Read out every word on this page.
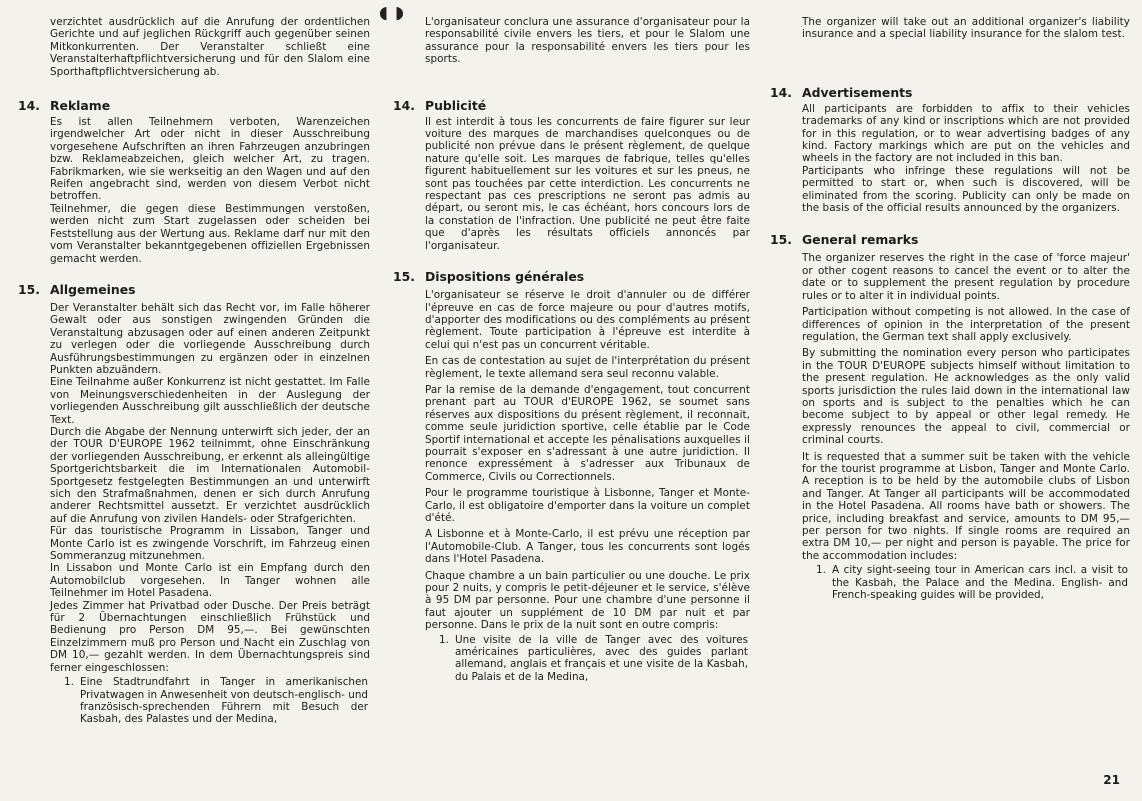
◖ ◗
verzichtet ausdrücklich auf die Anrufung der ordentlichen Gerichte und auf jeglichen Rückgriff auch gegenüber seinen Mitkonkurrenten. Der Veranstalter schließt eine Veranstalterhaftpflichtversicherung und für den Slalom eine Sporthaftpflichtversicherung ab.
14. Reklame
Es ist allen Teilnehmern verboten, Warenzeichen irgendwelcher Art oder nicht in dieser Ausschreibung vorgesehene Aufschriften an ihren Fahrzeugen anzubringen bzw. Reklameabzeichen, gleich welcher Art, zu tragen. Fabrikmarken, wie sie werkseitig an den Wagen und auf den Reifen angebracht sind, werden von diesem Verbot nicht betroffen.
Teilnehmer, die gegen diese Bestimmungen verstoßen, werden nicht zum Start zugelassen oder scheiden bei Feststellung aus der Wertung aus. Reklame darf nur mit den vom Veranstalter bekanntgegebenen offiziellen Ergebnissen gemacht werden.
15. Allgemeines
Der Veranstalter behält sich das Recht vor, im Falle höherer Gewalt oder aus sonstigen zwingenden Gründen die Veranstaltung abzusagen oder auf einen anderen Zeitpunkt zu verlegen oder die vorliegende Ausschreibung durch Ausführungsbestimmungen zu ergänzen oder in einzelnen Punkten abzuändern.
Eine Teilnahme außer Konkurrenz ist nicht gestattet. Im Falle von Meinungsverschiedenheiten in der Auslegung der vorliegenden Ausschreibung gilt ausschließlich der deutsche Text.
Durch die Abgabe der Nennung unterwirft sich jeder, der an der TOUR D'EUROPE 1962 teilnimmt, ohne Einschränkung der vorliegenden Ausschreibung, er erkennt als alleingültige Sportgerichtsbarkeit die im Internationalen Automobil-Sportgesetz festgelegten Bestimmungen an und unterwirft sich den Strafmaßnahmen, denen er sich durch Anrufung anderer Rechtsmittel aussetzt. Er verzichtet ausdrücklich auf die Anrufung von zivilen Handels- oder Strafgerichten.
Für das touristische Programm in Lissabon, Tanger und Monte Carlo ist es zwingende Vorschrift, im Fahrzeug einen Sommeranzug mitzunehmen.
In Lissabon und Monte Carlo ist ein Empfang durch den Automobilclub vorgesehen. In Tanger wohnen alle Teilnehmer im Hotel Pasadena.
Jedes Zimmer hat Privatbad oder Dusche. Der Preis beträgt für 2 Übernachtungen einschließlich Frühstück und Bedienung pro Person DM 95,—. Bei gewünschten Einzelzimmern muß pro Person und Nacht ein Zuschlag von DM 10,— gezahlt werden. In dem Übernachtungspreis sind ferner eingeschlossen:
1. Eine Stadtrundfahrt in Tanger in amerikanischen Privatwagen in Anwesenheit von deutsch-englisch- und französisch-sprechenden Führern mit Besuch der Kasbah, des Palastes und der Medina,
L'organisateur conclura une assurance d'organisateur pour la responsabilité civile envers les tiers, et pour le Slalom une assurance pour la responsabilité envers les tiers pour les sports.
14. Publicité
Il est interdit à tous les concurrents de faire figurer sur leur voiture des marques de marchandises quelconques ou de publicité non prévue dans le présent règlement, de quelque nature qu'elle soit. Les marques de fabrique, telles qu'elles figurent habituellement sur les voitures et sur les pneus, ne sont pas touchées par cette interdiction. Les concurrents ne respectant pas ces prescriptions ne seront pas admis au départ, ou seront mis, le cas échéant, hors concours lors de la constation de l'infraction. Une publicité ne peut être faite que d'après les résultats officiels annoncés par l'organisateur.
15. Dispositions générales
L'organisateur se réserve le droit d'annuler ou de différer l'épreuve en cas de force majeure ou pour d'autres motifs, d'apporter des modifications ou des compléments au présent règlement. Toute participation à l'épreuve est interdite à celui qui n'est pas un concurrent véritable.
En cas de contestation au sujet de l'interprétation du présent règlement, le texte allemand sera seul reconnu valable.
Par la remise de la demande d'engagement, tout concurrent prenant part au TOUR d'EUROPE 1962, se soumet sans réserves aux dispositions du présent règlement, il reconnait, comme seule juridiction sportive, celle établie par le Code Sportif international et accepte les pénalisations auxquelles il pourrait s'exposer en s'adressant à une autre juridiction. Il renonce expressément à s'adresser aux Tribunaux de Commerce, Civils ou Correctionnels.
Pour le programme touristique à Lisbonne, Tanger et Monte-Carlo, il est obligatoire d'emporter dans la voiture un complet d'été.
A Lisbonne et à Monte-Carlo, il est prévu une réception par l'Automobile-Club. A Tanger, tous les concurrents sont logés dans l'Hotel Pasadena.
Chaque chambre a un bain particulier ou une douche. Le prix pour 2 nuits, y compris le petit-déjeuner et le service, s'élève à 95 DM par personne. Pour une chambre d'une personne il faut ajouter un supplément de 10 DM par nuit et par personne. Dans le prix de la nuit sont en outre compris:
1. Une visite de la ville de Tanger avec des voitures américaines particulières, avec des guides parlant allemand, anglais et français et une visite de la Kasbah, du Palais et de la Medina,
The organizer will take out an additional organizer's liability insurance and a special liability insurance for the slalom test.
14. Advertisements
All participants are forbidden to affix to their vehicles trademarks of any kind or inscriptions which are not provided for in this regulation, or to wear advertising badges of any kind. Factory markings which are put on the vehicles and wheels in the factory are not included in this ban.
Participants who infringe these regulations will not be permitted to start or, when such is discovered, will be eliminated from the scoring. Publicity can only be made on the basis of the official results announced by the organizers.
15. General remarks
The organizer reserves the right in the case of 'force majeur' or other cogent reasons to cancel the event or to alter the date or to supplement the present regulation by procedure rules or to alter it in individual points.
Participation without competing is not allowed. In the case of differences of opinion in the interpretation of the present regulation, the German text shall apply exclusively.
By submitting the nomination every person who participates in the TOUR D'EUROPE subjects himself without limitation to the present regulation. He acknowledges as the only valid sports jurisdiction the rules laid down in the international law on sports and is subject to the penalties which he can become subject to by appeal or other legal remedy. He expressly renounces the appeal to civil, commercial or criminal courts.
It is requested that a summer suit be taken with the vehicle for the tourist programme at Lisbon, Tanger and Monte Carlo. A reception is to be held by the automobile clubs of Lisbon and Tanger. At Tanger all participants will be accommodated in the Hotel Pasadena. All rooms have bath or showers. The price, including breakfast and service, amounts to DM 95,— per person for two nights. If single rooms are required an extra DM 10,— per night and person is payable. The price for the accommodation includes:
1. A city sight-seeing tour in American cars incl. a visit to the Kasbah, the Palace and the Medina. English- and French-speaking guides will be provided,
21
